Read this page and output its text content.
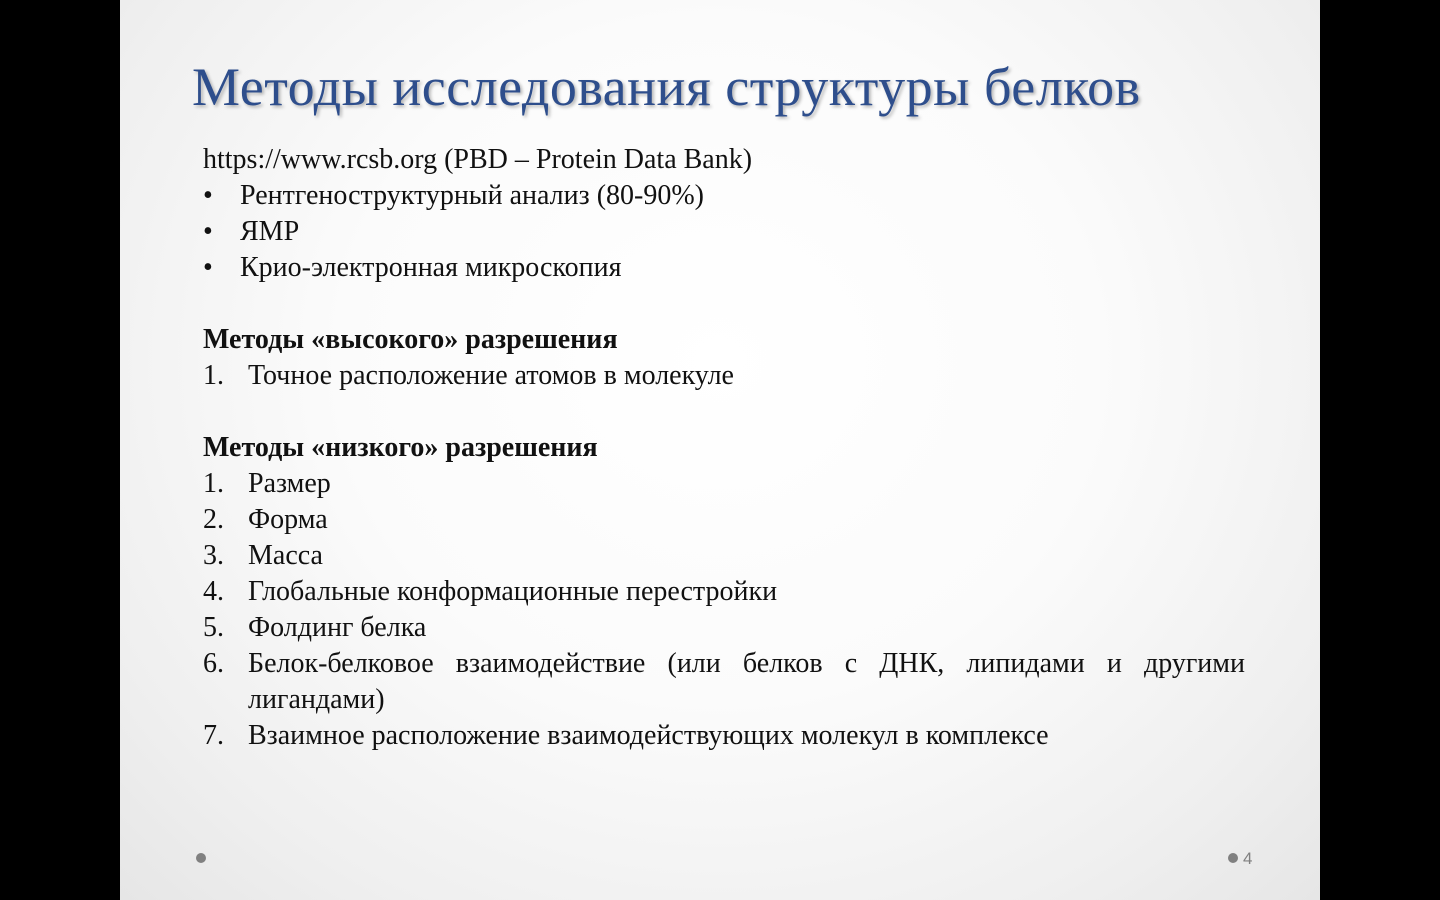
Методы исследования структуры белков
https://www.rcsb.org (PBD – Protein Data Bank)
• Рентгеноструктурный анализ (80-90%)
• ЯМР
• Крио-электронная микроскопия
Методы «высокого» разрешения
1. Точное расположение атомов в молекуле
Методы «низкого» разрешения
1. Размер
2. Форма
3. Масса
4. Глобальные конформационные перестройки
5. Фолдинг белка
6. Белок-белковое взаимодействие (или белков с ДНК, липидами и другими лигандами)
7. Взаимное расположение взаимодействующих молекул в комплексе
4
